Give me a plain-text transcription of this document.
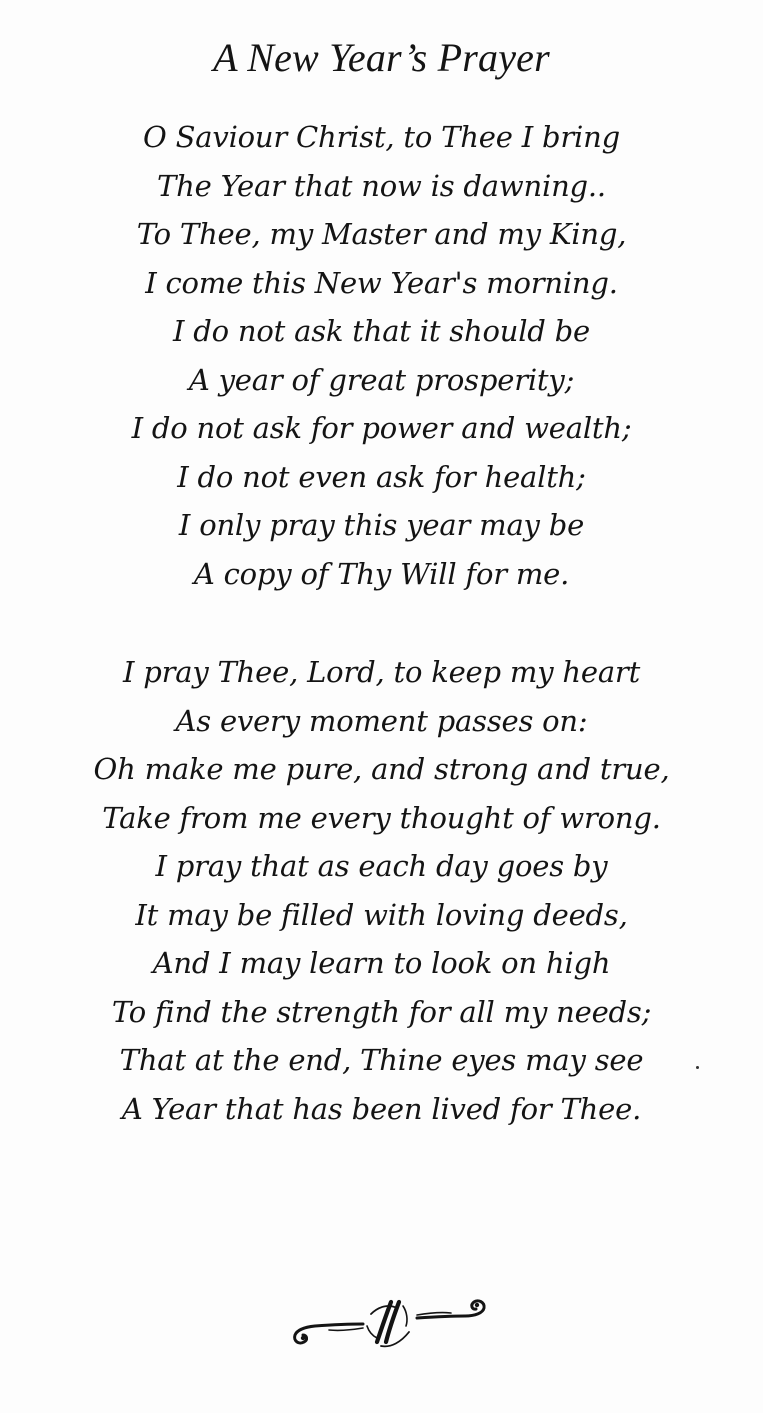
A New Year’s Prayer
O Saviour Christ, to Thee I bring
The Year that now is dawning..
To Thee, my Master and my King,
I come this New Year's morning.
I do not ask that it should be
A year of great prosperity;
I do not ask for power and wealth;
I do not even ask for health;
I only pray this year may be
A copy of Thy Will for me.
I pray Thee, Lord, to keep my heart
As every moment passes on:
Oh make me pure, and strong and true,
Take from me every thought of wrong.
I pray that as each day goes by
It may be filled with loving deeds,
And I may learn to look on high
To find the strength for all my needs;
That at the end, Thine eyes may see
A Year that has been lived for Thee.
